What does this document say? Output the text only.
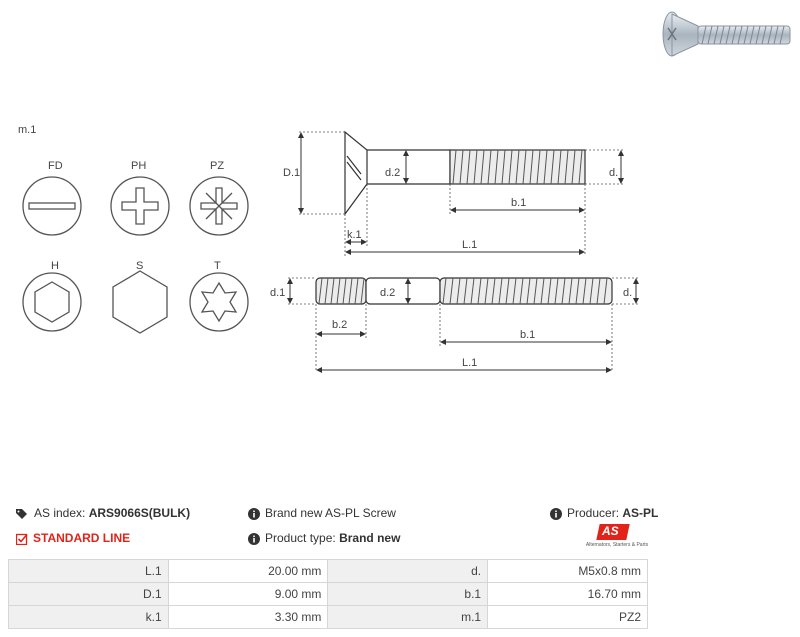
m.1
FD	PH	PZ
H	S	T
D.1	d.2	d.
b.1
k.1
L.1
d.1	d.2	d.
b.2
b.1
L.1
AS index: ARS9066S(BULK)	Brand new AS-PL Screw	Producer: AS-PL
STANDARD LINE	Product type: Brand new	AS
Alternators, Starters & Parts
L.1	20.00 mm	d.	M5x0.8 mm
D.1	9.00 mm	b.1	16.70 mm
k.1	3.30 mm	m.1	PZ2
